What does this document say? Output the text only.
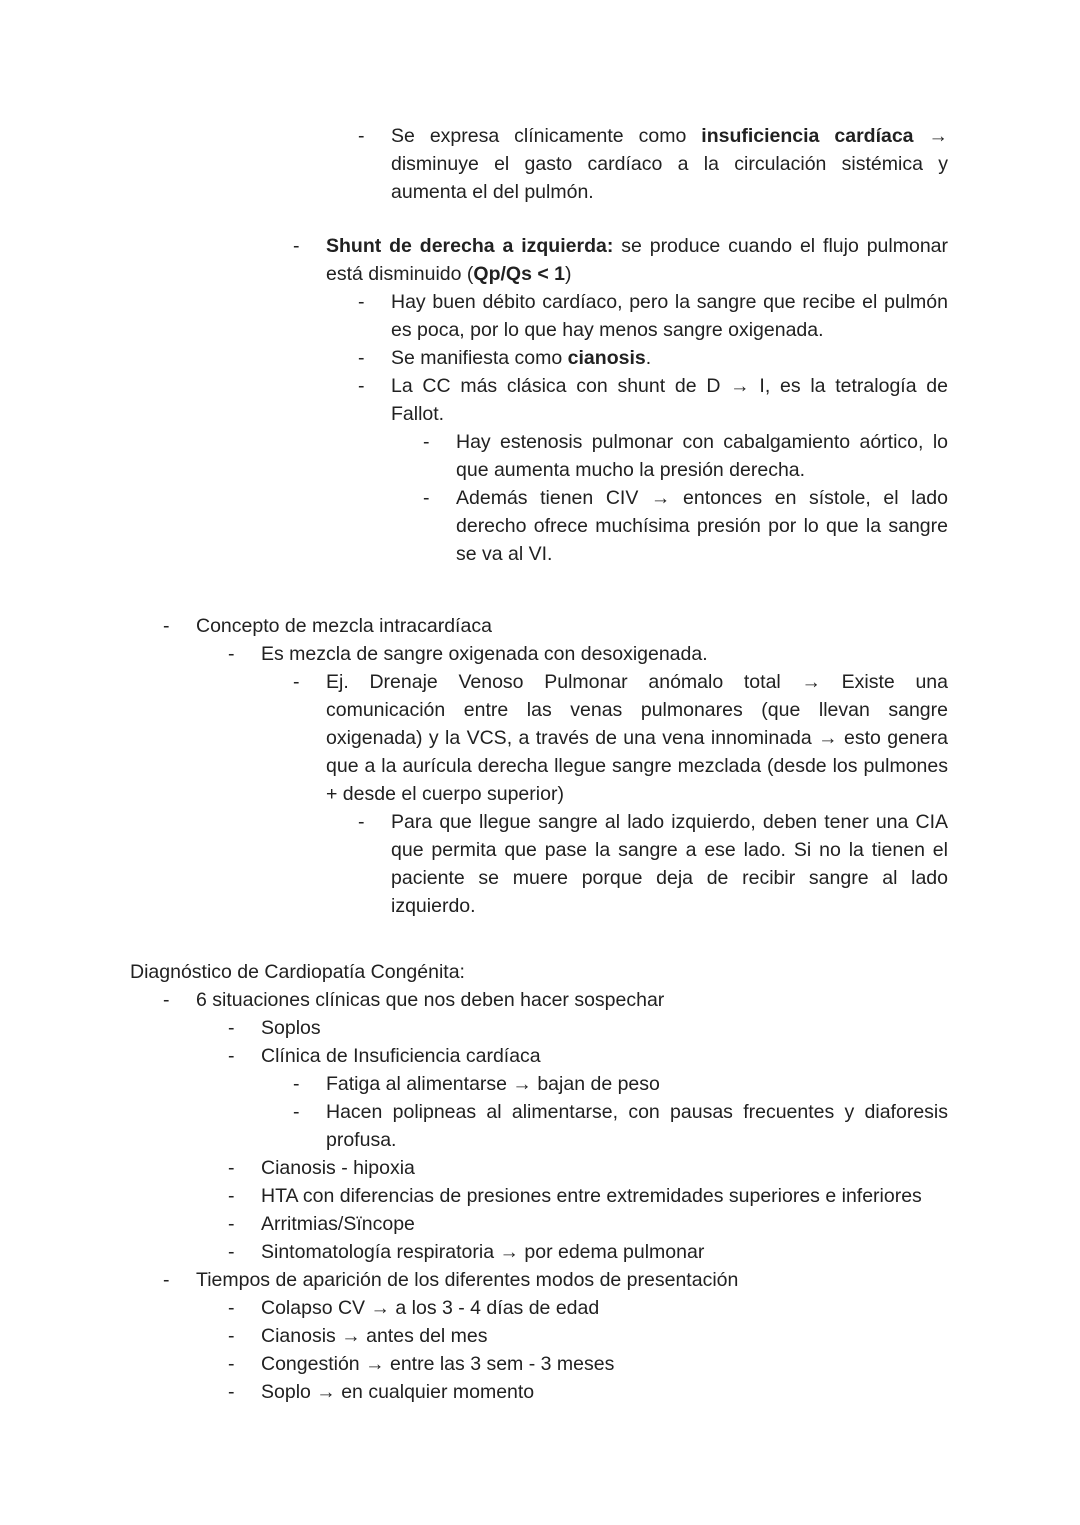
-	Se expresa clínicamente como insuficiencia cardíaca → disminuye el gasto cardíaco a la circulación sistémica y aumenta el del pulmón.
-	Shunt de derecha a izquierda: se produce cuando el flujo pulmonar está disminuido (Qp/Qs < 1)
-	Hay buen débito cardíaco, pero la sangre que recibe el pulmón es poca, por lo que hay menos sangre oxigenada.
-	Se manifiesta como cianosis.
-	La CC más clásica con shunt de D → I, es la tetralogía de Fallot.
-	Hay estenosis pulmonar con cabalgamiento aórtico, lo que aumenta mucho la presión derecha.
-	Además tienen CIV → entonces en sístole, el lado derecho ofrece muchísima presión por lo que la sangre se va al VI.
-	Concepto de mezcla intracardíaca
-	Es mezcla de sangre oxigenada con desoxigenada.
-	Ej. Drenaje Venoso Pulmonar anómalo total → Existe una comunicación entre las venas pulmonares (que llevan sangre oxigenada) y la VCS, a través de una vena innominada → esto genera que a la aurícula derecha llegue sangre mezclada (desde los pulmones + desde el cuerpo superior)
-	Para que llegue sangre al lado izquierdo, deben tener una CIA que permita que pase la sangre a ese lado. Si no la tienen el paciente se muere porque deja de recibir sangre al lado izquierdo.
Diagnóstico de Cardiopatía Congénita:
-	6 situaciones clínicas que nos deben hacer sospechar
-	Soplos
-	Clínica de Insuficiencia cardíaca
-	Fatiga al alimentarse → bajan de peso
-	Hacen polipneas al alimentarse, con pausas frecuentes y diaforesis profusa.
-	Cianosis - hipoxia
-	HTA con diferencias de presiones entre extremidades superiores e inferiores
-	Arritmias/Sïncope
-	Sintomatología respiratoria → por edema pulmonar
-	Tiempos de aparición de los diferentes modos de presentación
-	Colapso CV → a los 3 - 4 días de edad
-	Cianosis → antes del mes
-	Congestión → entre las 3 sem - 3 meses
-	Soplo → en cualquier momento
